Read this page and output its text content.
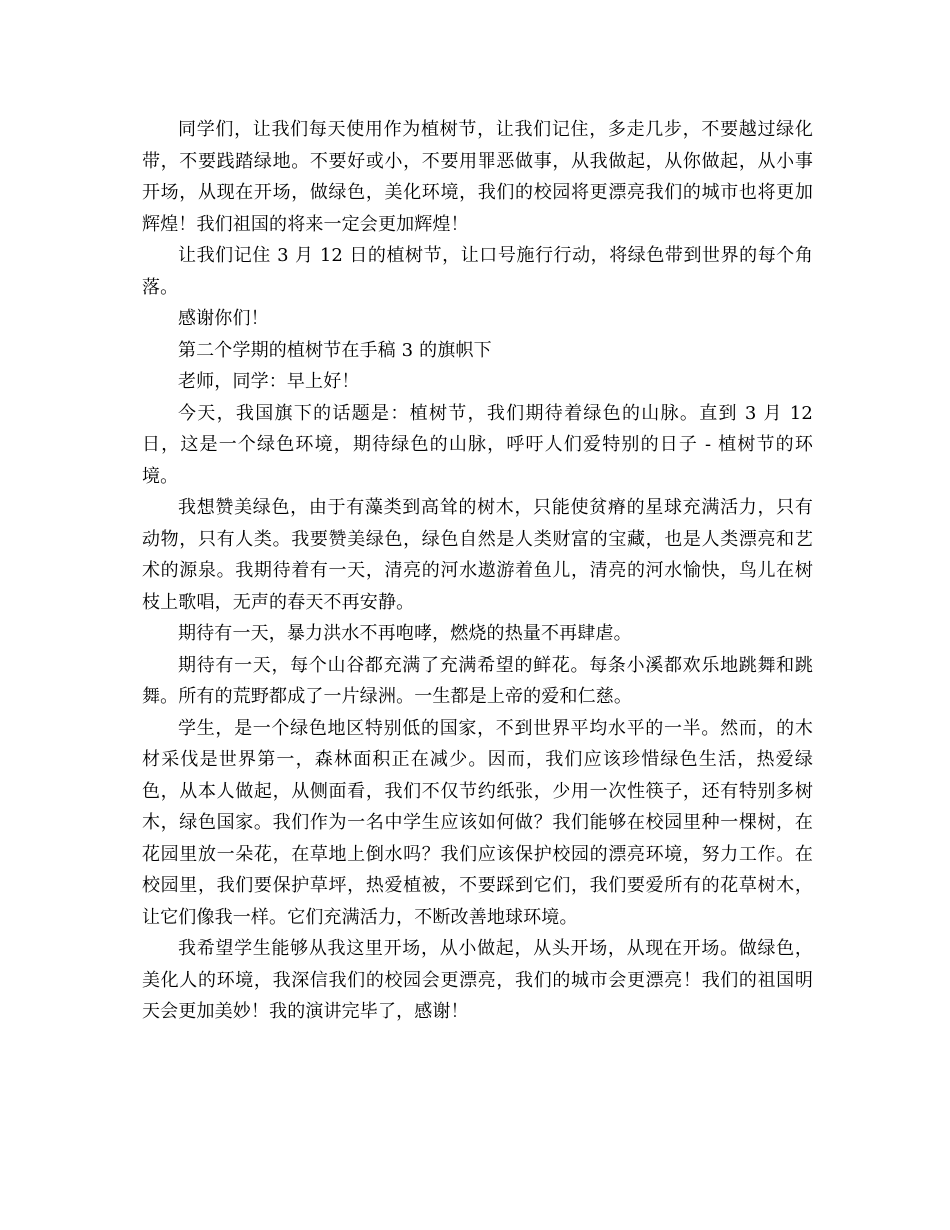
同学们，让我们每天使用作为植树节，让我们记住，多走几步，不要越过绿化带，不要践踏绿地。不要好或小，不要用罪恶做事，从我做起，从你做起，从小事开场，从现在开场，做绿色，美化环境，我们的校园将更漂亮我们的城市也将更加辉煌！我们祖国的将来一定会更加辉煌！

让我们记住 3 月 12 日的植树节，让口号施行行动，将绿色带到世界的每个角落。

感谢你们！

第二个学期的植树节在手稿 3 的旗帜下

老师，同学：早上好！

今天，我国旗下的话题是：植树节，我们期待着绿色的山脉。直到 3 月 12 日，这是一个绿色环境，期待绿色的山脉，呼吁人们爱特别的日子 - 植树节的环境。

我想赞美绿色，由于有藻类到高耸的树木，只能使贫瘠的星球充满活力，只有动物，只有人类。我要赞美绿色，绿色自然是人类财富的宝藏，也是人类漂亮和艺术的源泉。我期待着有一天，清亮的河水遨游着鱼儿，清亮的河水愉快，鸟儿在树枝上歌唱，无声的春天不再安静。

期待有一天，暴力洪水不再咆哮，燃烧的热量不再肆虐。

期待有一天，每个山谷都充满了充满希望的鲜花。每条小溪都欢乐地跳舞和跳舞。所有的荒野都成了一片绿洲。一生都是上帝的爱和仁慈。

学生，是一个绿色地区特别低的国家，不到世界平均水平的一半。然而，的木材采伐是世界第一，森林面积正在减少。因而，我们应该珍惜绿色生活，热爱绿色，从本人做起，从侧面看，我们不仅节约纸张，少用一次性筷子，还有特别多树木，绿色国家。我们作为一名中学生应该如何做？我们能够在校园里种一棵树，在花园里放一朵花，在草地上倒水吗？我们应该保护校园的漂亮环境，努力工作。在校园里，我们要保护草坪，热爱植被，不要踩到它们，我们要爱所有的花草树木，让它们像我一样。它们充满活力，不断改善地球环境。

我希望学生能够从我这里开场，从小做起，从头开场，从现在开场。做绿色，美化人的环境，我深信我们的校园会更漂亮，我们的城市会更漂亮！我们的祖国明天会更加美妙！我的演讲完毕了，感谢！
